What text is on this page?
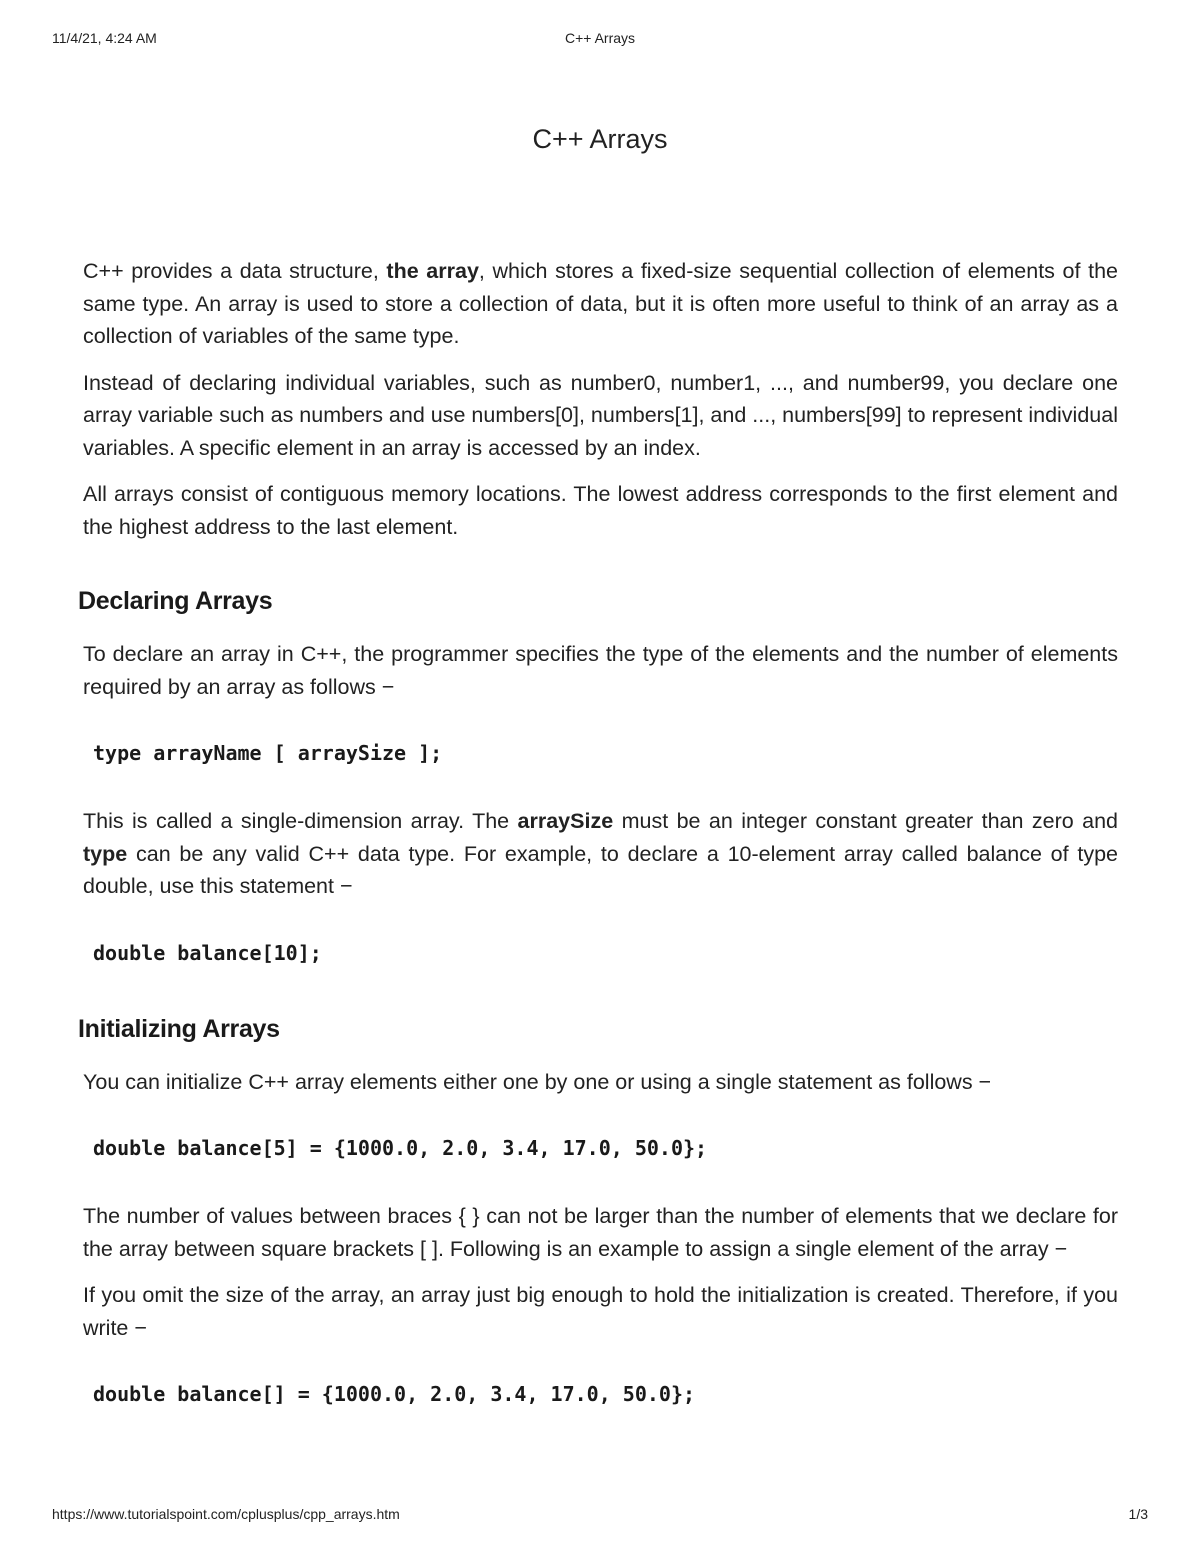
11/4/21, 4:24 AM	C++ Arrays
C++ Arrays

C++ provides a data structure, the array, which stores a fixed-size sequential collection of elements of the same type. An array is used to store a collection of data, but it is often more useful to think of an array as a collection of variables of the same type.

Instead of declaring individual variables, such as number0, number1, ..., and number99, you declare one array variable such as numbers and use numbers[0], numbers[1], and ..., numbers[99] to represent individual variables. A specific element in an array is accessed by an index.

All arrays consist of contiguous memory locations. The lowest address corresponds to the first element and the highest address to the last element.

Declaring Arrays

To declare an array in C++, the programmer specifies the type of the elements and the number of elements required by an array as follows −

type arrayName [ arraySize ];

This is called a single-dimension array. The arraySize must be an integer constant greater than zero and type can be any valid C++ data type. For example, to declare a 10-element array called balance of type double, use this statement −

double balance[10];
Initializing Arrays

You can initialize C++ array elements either one by one or using a single statement as follows −

double balance[5] = {1000.0, 2.0, 3.4, 17.0, 50.0};

The number of values between braces { } can not be larger than the number of elements that we declare for the array between square brackets [ ]. Following is an example to assign a single element of the array −

If you omit the size of the array, an array just big enough to hold the initialization is created. Therefore, if you write −

double balance[] = {1000.0, 2.0, 3.4, 17.0, 50.0};
https://www.tutorialspoint.com/cplusplus/cpp_arrays.htm	1/3
